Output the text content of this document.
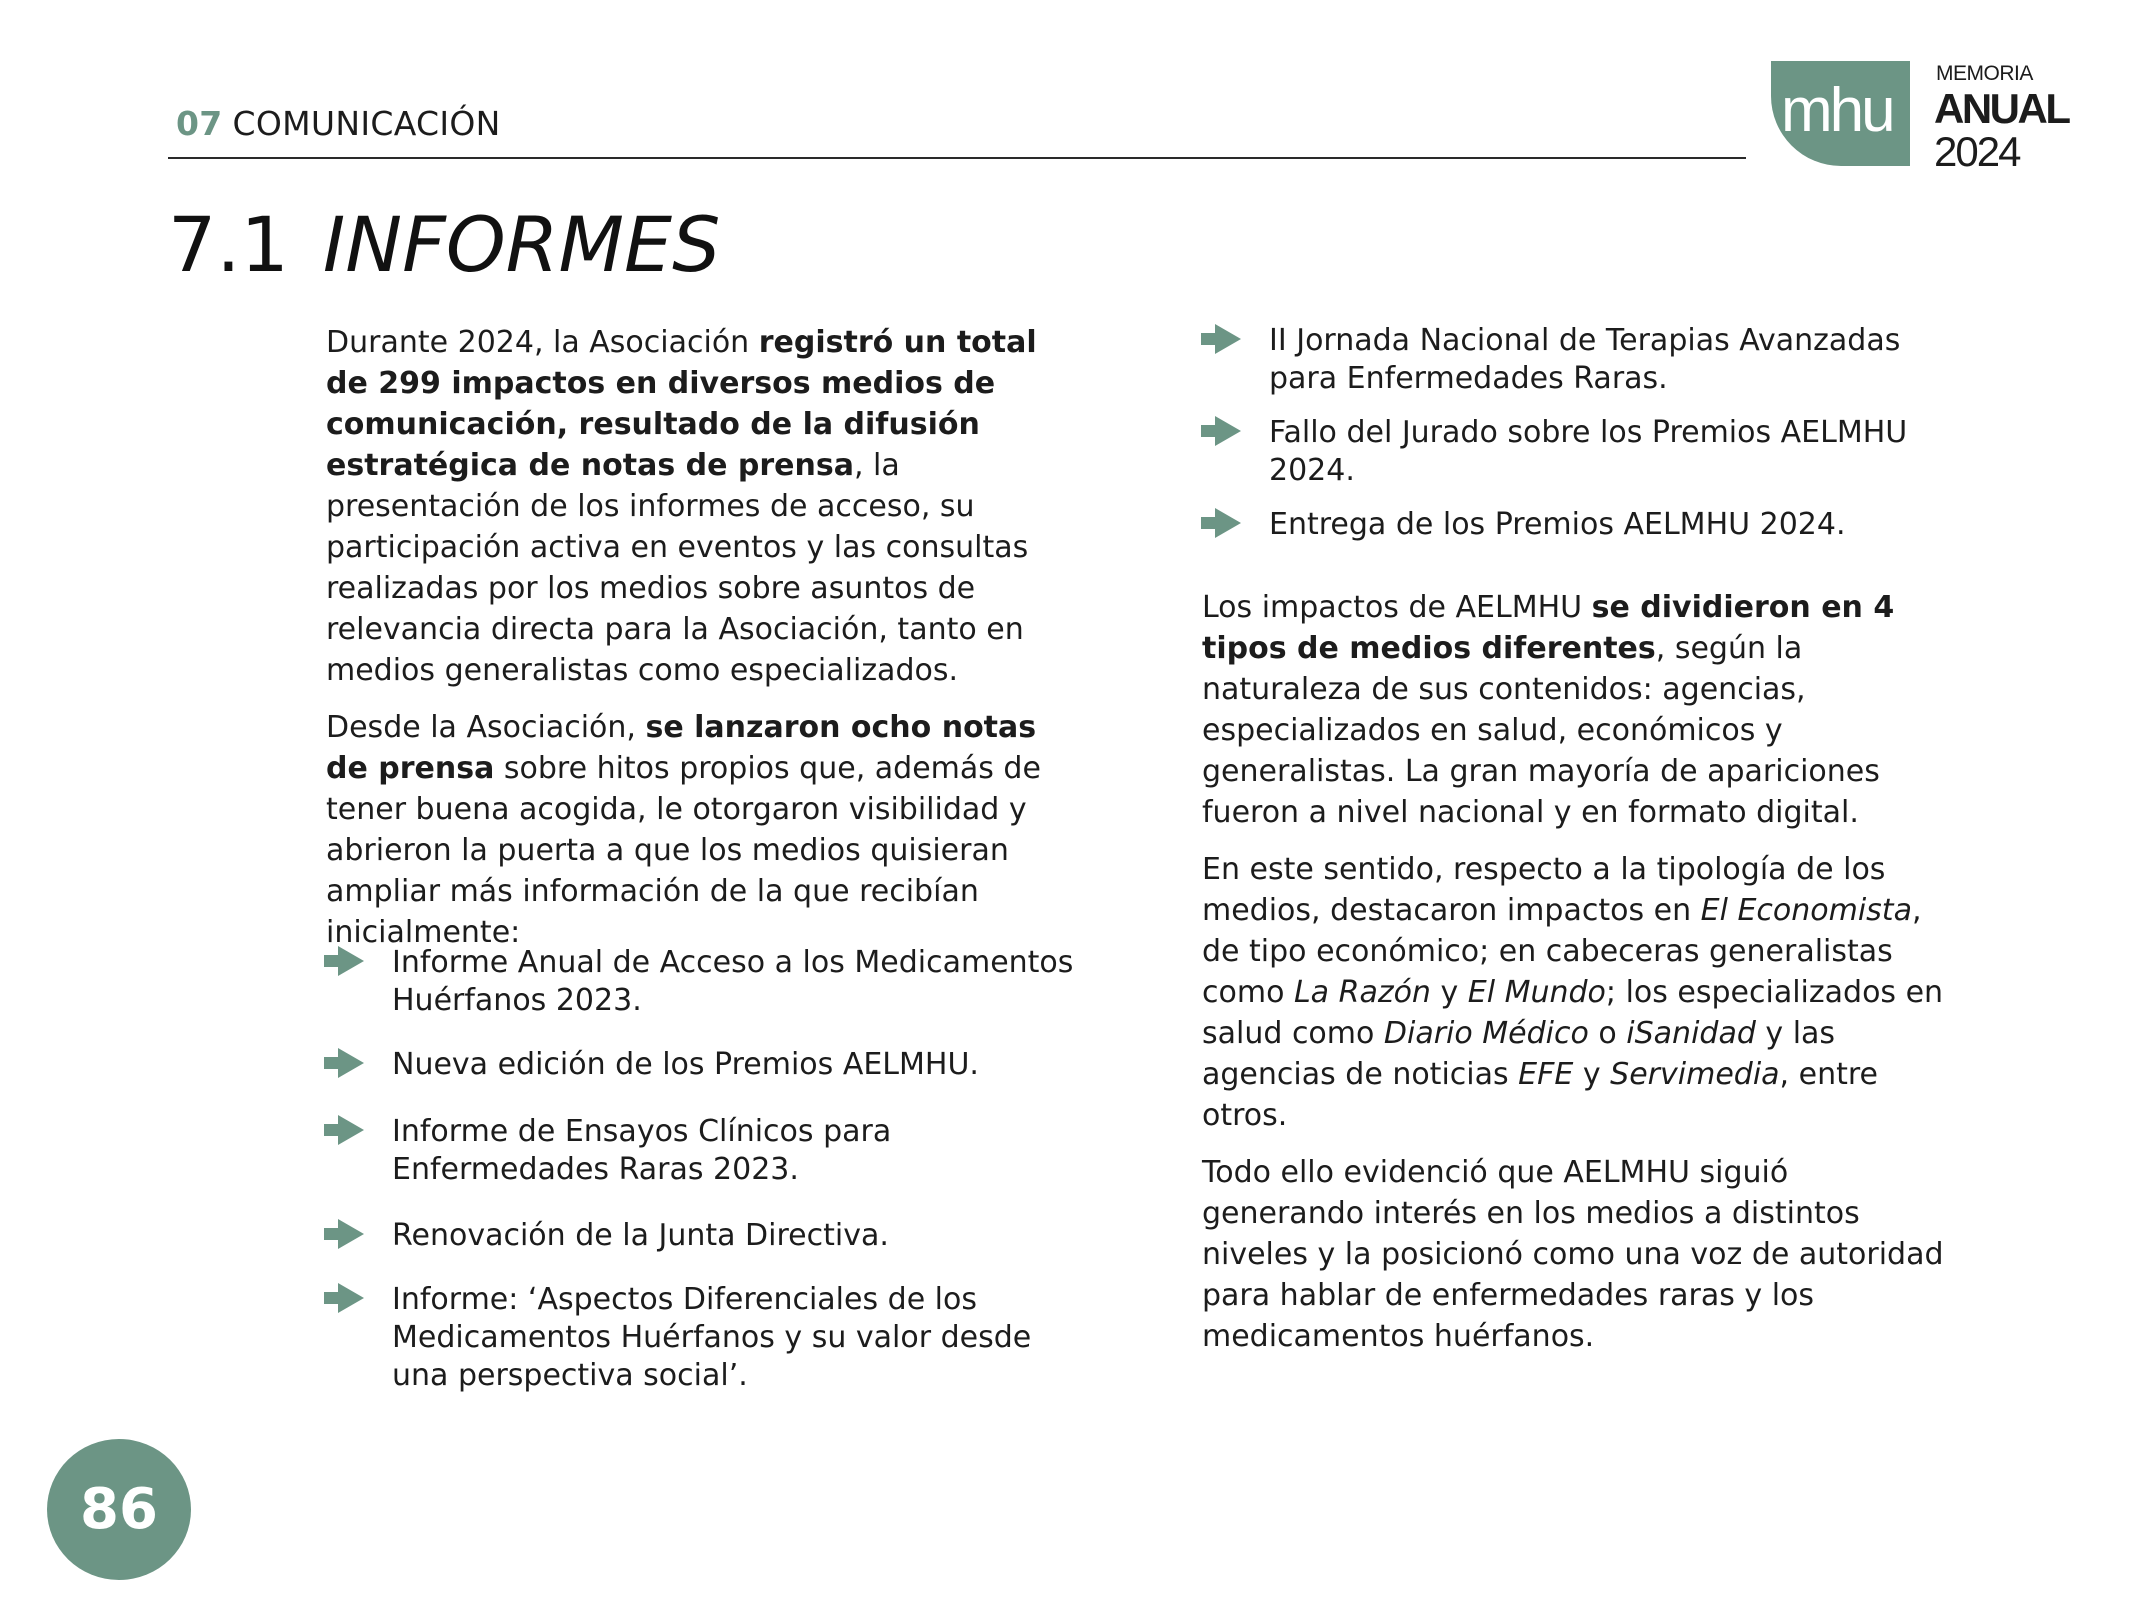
07 COMUNICACIÓN	mhu
MEMORIA
ANUAL
2024
7.1 INFORMES

Durante 2024, la Asociación registró un total de 299 impactos en diversos medios de comunicación, resultado de la difusión estratégica de notas de prensa, la presentación de los informes de acceso, su participación activa en eventos y las consultas realizadas por los medios sobre asuntos de relevancia directa para la Asociación, tanto en medios generalistas como especializados.

Desde la Asociación, se lanzaron ocho notas de prensa sobre hitos propios que, además de tener buena acogida, le otorgaron visibilidad y abrieron la puerta a que los medios quisieran ampliar más información de la que recibían inicialmente:

Informe Anual de Acceso a los Medicamentos Huérfanos 2023.
Nueva edición de los Premios AELMHU.
Informe de Ensayos Clínicos para Enfermedades Raras 2023.
Renovación de la Junta Directiva.
Informe: ‘Aspectos Diferenciales de los Medicamentos Huérfanos y su valor desde una perspectiva social’.
II Jornada Nacional de Terapias Avanzadas para Enfermedades Raras.
Fallo del Jurado sobre los Premios AELMHU 2024.
Entrega de los Premios AELMHU 2024.

Los impactos de AELMHU se dividieron en 4 tipos de medios diferentes, según la naturaleza de sus contenidos: agencias, especializados en salud, económicos y generalistas. La gran mayoría de apariciones fueron a nivel nacional y en formato digital.

En este sentido, respecto a la tipología de los medios, destacaron impactos en El Economista, de tipo económico; en cabeceras generalistas como La Razón y El Mundo; los especializados en salud como Diario Médico o iSanidad y las agencias de noticias EFE y Servimedia, entre otros.

Todo ello evidenció que AELMHU siguió generando interés en los medios a distintos niveles y la posicionó como una voz de autoridad para hablar de enfermedades raras y los medicamentos huérfanos.

86
